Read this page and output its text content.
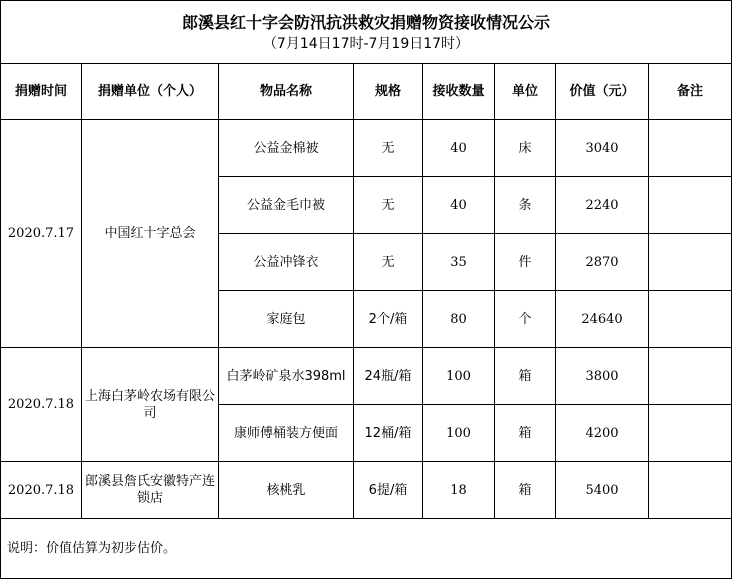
郎溪县红十字会防汛抗洪救灾捐赠物资接收情况公示
（7月14日17时-7月19日17时）							

捐赠时间	捐赠单位（个人）	物品名称	规格	接收数量	单位	价值（元）	备注
2020.7.17	中国红十字总会	公益金棉被	无	40	床	3040	
		公益金毛巾被	无	40	条	2240	
		公益冲锋衣	无	35	件	2870	
		家庭包	2个/箱	80	个	24640	
2020.7.18	上海白茅岭农场有限公司	白茅岭矿泉水398ml	24瓶/箱	100	箱	3800	
		康师傅桶装方便面	12桶/箱	100	箱	4200	
2020.7.18	郎溪县詹氏安徽特产连锁店	核桃乳	6提/箱	18	箱	5400	
说明：价值估算为初步估价。							
